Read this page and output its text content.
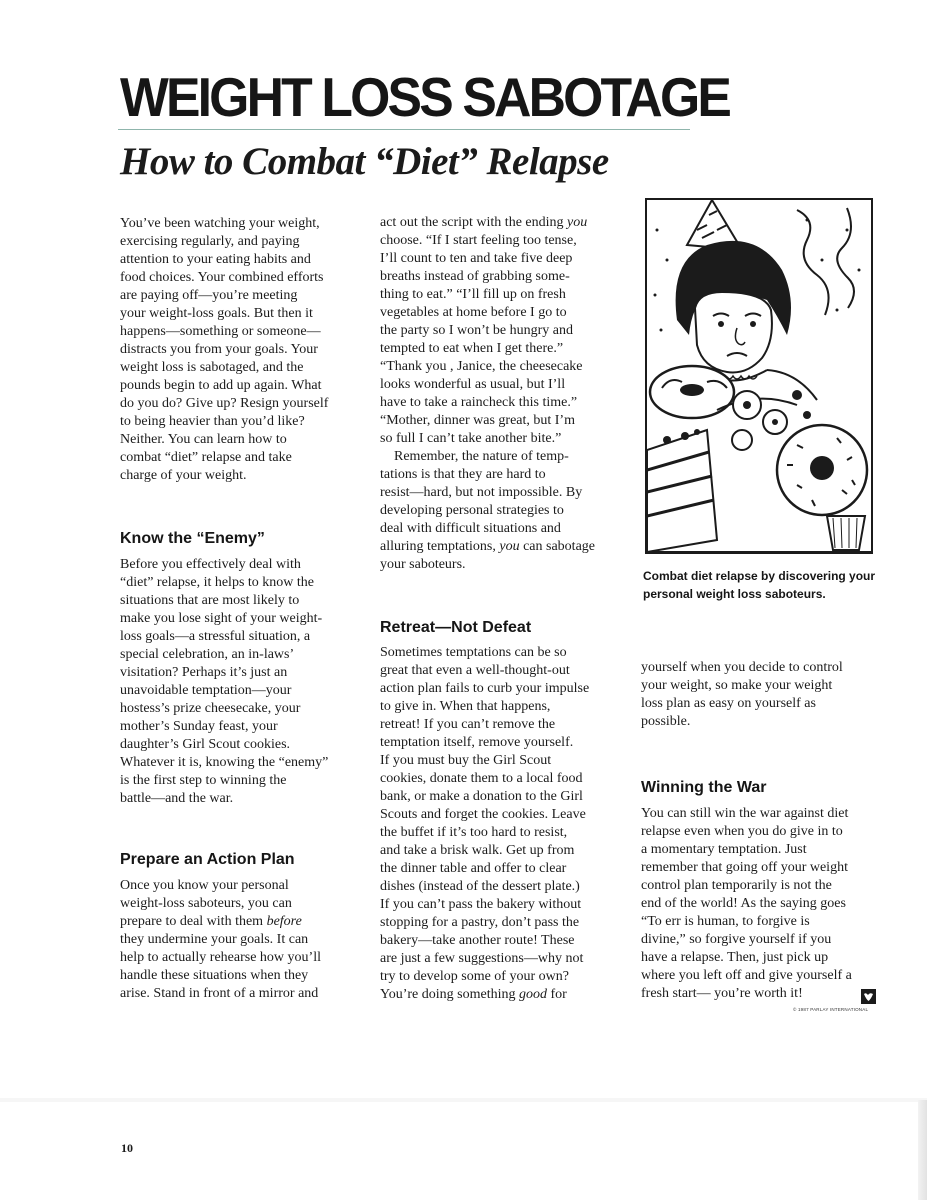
WEIGHT LOSS SABOTAGE
How to Combat “Diet” Relapse
You’ve been watching your weight,
exercising regularly, and paying
attention to your eating habits and
food choices. Your combined efforts
are paying off—you’re meeting
your weight-loss goals. But then it
happens—something or someone—
distracts you from your goals. Your
weight loss is sabotaged, and the
pounds begin to add up again. What
do you do? Give up? Resign yourself
to being heavier than you’d like?
Neither. You can learn how to
combat “diet” relapse and take
charge of your weight.
Know the “Enemy”
Before you effectively deal with
“diet” relapse, it helps to know the
situations that are most likely to
make you lose sight of your weight-
loss goals—a stressful situation, a
special celebration, an in-laws’
visitation? Perhaps it’s just an
unavoidable temptation—your
hostess’s prize cheesecake, your
mother’s Sunday feast, your
daughter’s Girl Scout cookies.
Whatever it is, knowing the “enemy”
is the first step to winning the
battle—and the war.
Prepare an Action Plan
Once you know your personal
weight-loss saboteurs, you can
prepare to deal with them before
they undermine your goals. It can
help to actually rehearse how you’ll
handle these situations when they
arise. Stand in front of a mirror and
act out the script with the ending you
choose. “If I start feeling too tense,
I’ll count to ten and take five deep
breaths instead of grabbing some-
thing to eat.” “I’ll fill up on fresh
vegetables at home before I go to
the party so I won’t be hungry and
tempted to eat when I get there.”
“Thank you , Janice, the cheesecake
looks wonderful as usual, but I’ll
have to take a raincheck this time.”
“Mother, dinner was great, but I’m
so full I can’t take another bite.”
 Remember, the nature of temp-
tations is that they are hard to
resist—hard, but not impossible. By
developing personal strategies to
deal with difficult situations and
alluring temptations, you can sabotage
your saboteurs.
Retreat—Not Defeat
Sometimes temptations can be so
great that even a well-thought-out
action plan fails to curb your impulse
to give in. When that happens,
retreat! If you can’t remove the
temptation itself, remove yourself.
If you must buy the Girl Scout
cookies, donate them to a local food
bank, or make a donation to the Girl
Scouts and forget the cookies. Leave
the buffet if it’s too hard to resist,
and take a brisk walk. Get up from
the dinner table and offer to clear
dishes (instead of the dessert plate.)
If you can’t pass the bakery without
stopping for a pastry, don’t pass the
bakery—take another route! These
are just a few suggestions—why not
try to develop some of your own?
You’re doing something good for

Combat diet relapse by discovering your
personal weight loss saboteurs.

yourself when you decide to control
your weight, so make your weight
loss plan as easy on yourself as
possible.
Winning the War
You can still win the war against diet
relapse even when you do give in to
a momentary temptation. Just
remember that going off your weight
control plan temporarily is not the
end of the world! As the saying goes
“To err is human, to forgive is
divine,” so forgive yourself if you
have a relapse. Then, just pick up
where you left off and give yourself a
fresh start— you’re worth it!

© 1987 PARLAY INTERNATIONAL

10
